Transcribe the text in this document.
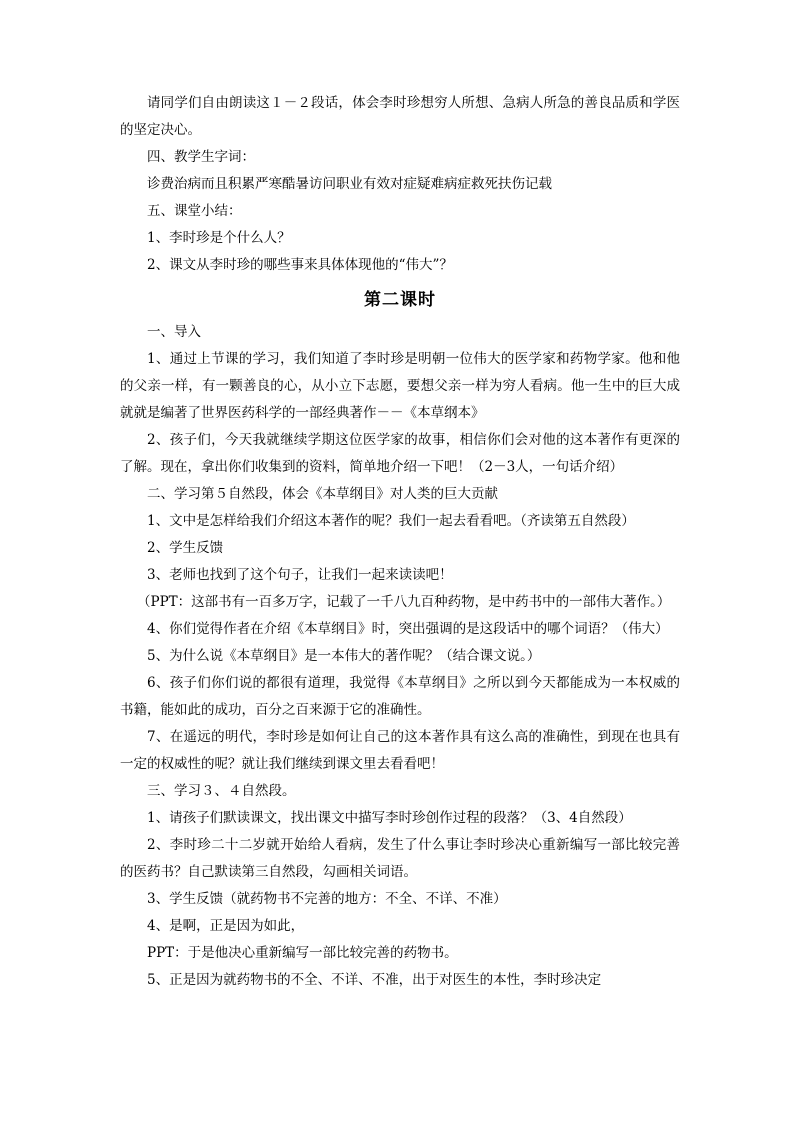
请同学们自由朗读这１－２段话，体会李时珍想穷人所想、急病人所急的善良品质和学医的坚定决心。

四、教学生字词：

诊费治病而且积累严寒酷暑访问职业有效对症疑难病症救死扶伤记载

五、课堂小结：

1、李时珍是个什么人？

2、课文从李时珍的哪些事来具体体现他的“伟大”？

第二课时

一、导入

1、通过上节课的学习，我们知道了李时珍是明朝一位伟大的医学家和药物学家。他和他的父亲一样，有一颗善良的心，从小立下志愿，要想父亲一样为穷人看病。他一生中的巨大成就就是编著了世界医药科学的一部经典著作－－《本草纲本》

2、孩子们，今天我就继续学期这位医学家的故事，相信你们会对他的这本著作有更深的了解。现在，拿出你们收集到的资料，简单地介绍一下吧！（2－3人，一句话介绍）

二、学习第５自然段，体会《本草纲目》对人类的巨大贡献

1、文中是怎样给我们介绍这本著作的呢？我们一起去看看吧。（齐读第五自然段）

2、学生反馈

3、老师也找到了这个句子，让我们一起来读读吧！

（PPT：这部书有一百多万字，记载了一千八九百种药物，是中药书中的一部伟大著作。）

4、你们觉得作者在介绍《本草纲目》时，突出强调的是这段话中的哪个词语？（伟大）

5、为什么说《本草纲目》是一本伟大的著作呢？（结合课文说。）

6、孩子们你们说的都很有道理，我觉得《本草纲目》之所以到今天都能成为一本权威的书籍，能如此的成功，百分之百来源于它的准确性。

7、在遥远的明代，李时珍是如何让自己的这本著作具有这么高的准确性，到现在也具有一定的权威性的呢？就让我们继续到课文里去看看吧！

三、学习３、４自然段。

1、请孩子们默读课文，找出课文中描写李时珍创作过程的段落？（3、4自然段）

2、李时珍二十二岁就开始给人看病，发生了什么事让李时珍决心重新编写一部比较完善的医药书？自己默读第三自然段，勾画相关词语。

3、学生反馈（就药物书不完善的地方：不全、不详、不准）

4、是啊，正是因为如此，

PPT：于是他决心重新编写一部比较完善的药物书。

5、正是因为就药物书的不全、不详、不准，出于对医生的本性，李时珍决定
